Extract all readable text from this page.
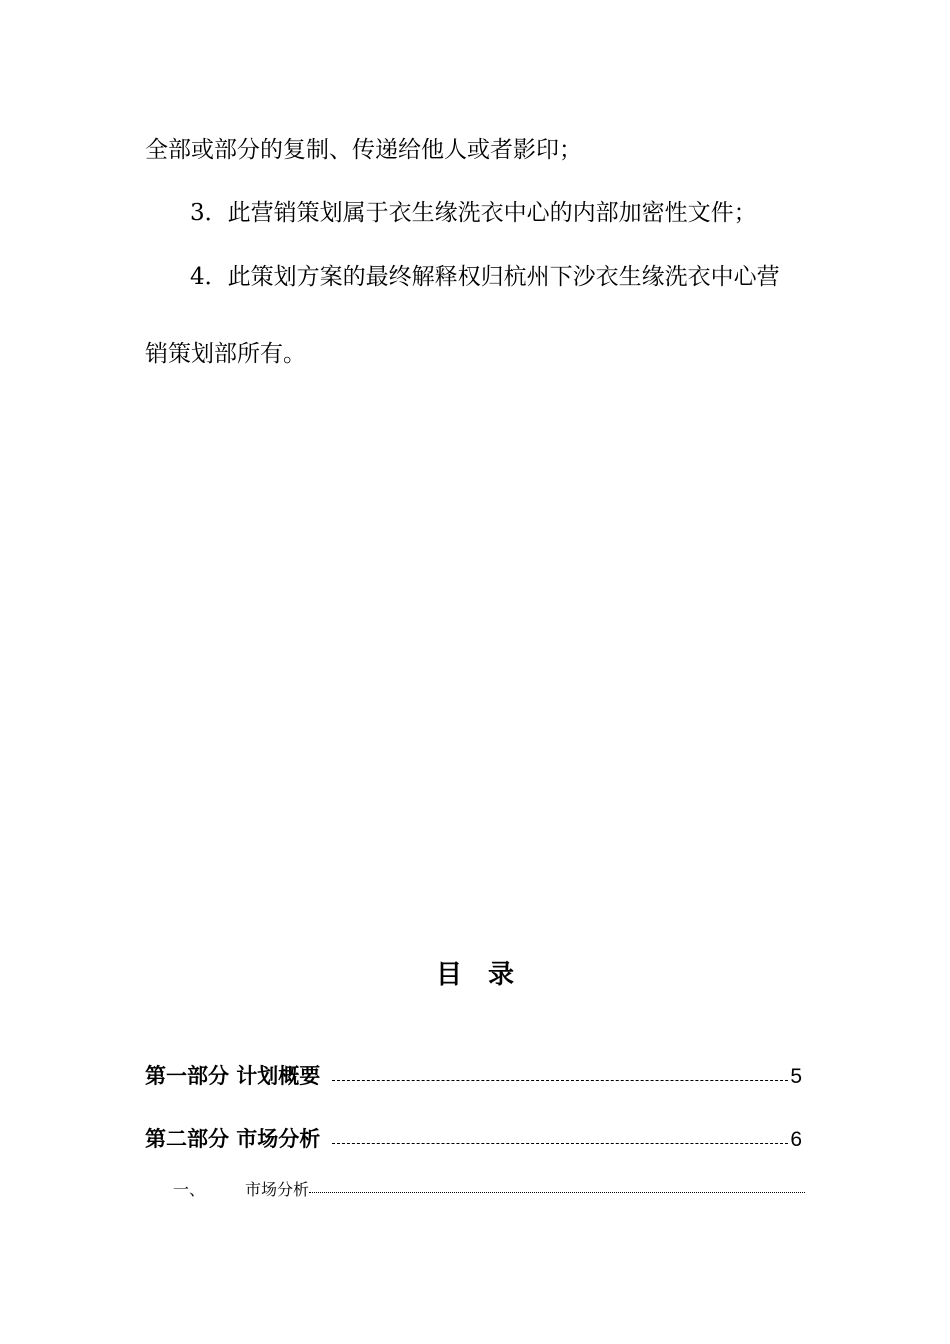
全部或部分的复制、传递给他人或者影印；

3．此营销策划属于衣生缘洗衣中心的内部加密性文件；

4．此策划方案的最终解释权归杭州下沙衣生缘洗衣中心营

销策划部所有。

目　录
第一部分 计划概要	5
第二部分 市场分析	6
一、	市场分析
